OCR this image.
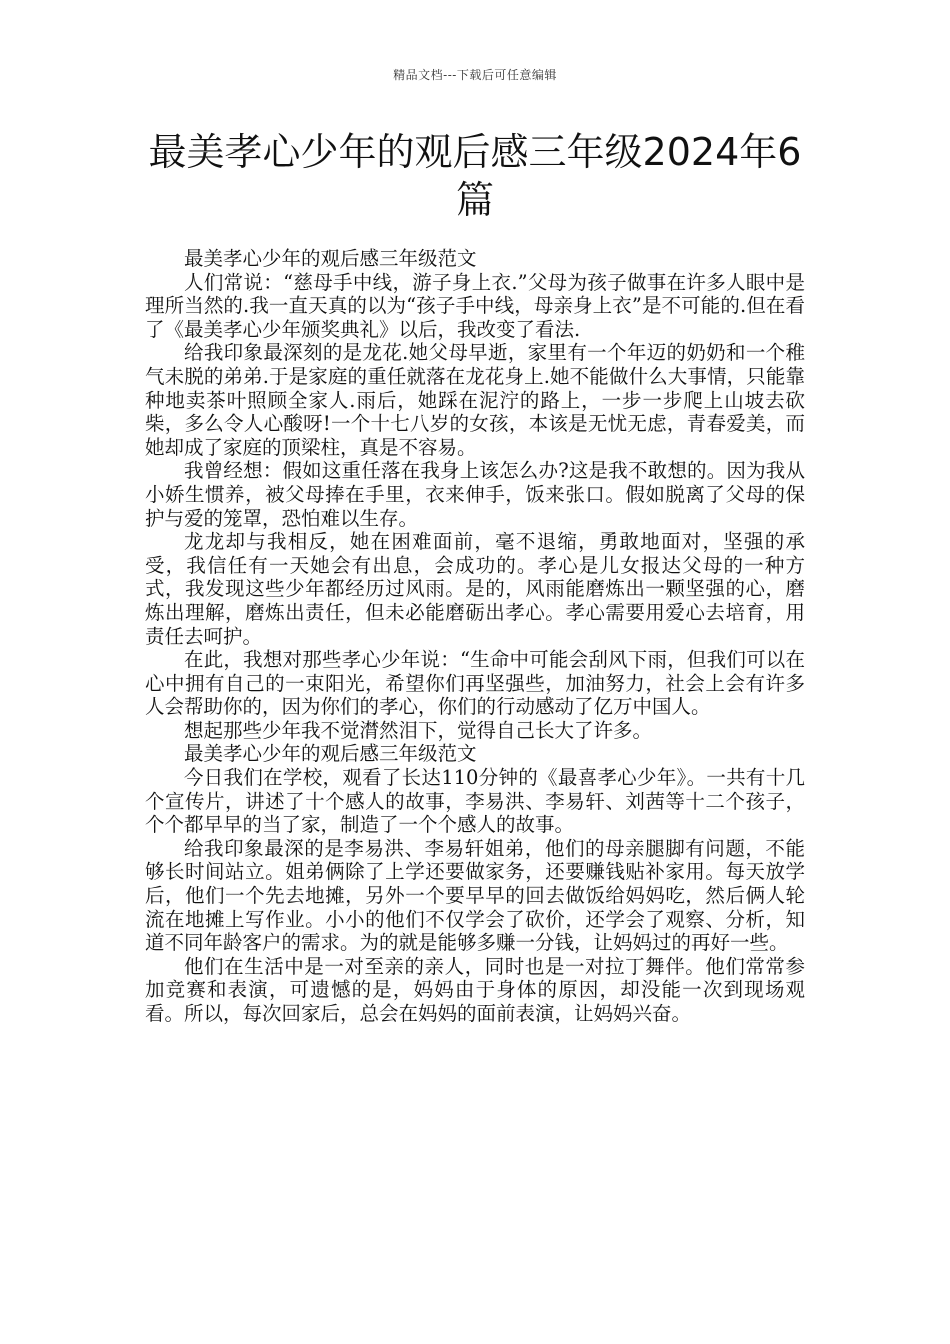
精品文档---下载后可任意编辑
最美孝心少年的观后感三年级2024年6篇

最美孝心少年的观后感三年级范文

人们常说：“慈母手中线，游子身上衣.”父母为孩子做事在许多人眼中是理所当然的.我一直天真的以为“孩子手中线，母亲身上衣”是不可能的.但在看了《最美孝心少年颁奖典礼》以后，我改变了看法.

给我印象最深刻的是龙花.她父母早逝，家里有一个年迈的奶奶和一个稚气未脱的弟弟.于是家庭的重任就落在龙花身上.她不能做什么大事情，只能靠种地卖茶叶照顾全家人.雨后，她踩在泥泞的路上，一步一步爬上山坡去砍柴，多么令人心酸呀!一个十七八岁的女孩，本该是无忧无虑，青春爱美，而她却成了家庭的顶梁柱，真是不容易。

我曾经想：假如这重任落在我身上该怎么办?这是我不敢想的。因为我从小娇生惯养，被父母捧在手里，衣来伸手，饭来张口。假如脱离了父母的保护与爱的笼罩，恐怕难以生存。

龙龙却与我相反，她在困难面前，毫不退缩，勇敢地面对，坚强的承受，我信任有一天她会有出息，会成功的。孝心是儿女报达父母的一种方式，我发现这些少年都经历过风雨。是的，风雨能磨炼出一颗坚强的心，磨炼出理解，磨炼出责任，但未必能磨砺出孝心。孝心需要用爱心去培育，用责任去呵护。

在此，我想对那些孝心少年说：“生命中可能会刮风下雨，但我们可以在心中拥有自己的一束阳光，希望你们再坚强些，加油努力，社会上会有许多人会帮助你的，因为你们的孝心，你们的行动感动了亿万中国人。

想起那些少年我不觉潸然泪下，觉得自己长大了许多。

最美孝心少年的观后感三年级范文

今日我们在学校，观看了长达110分钟的《最喜孝心少年》。一共有十几个宣传片，讲述了十个感人的故事，李易洪、李易轩、刘茜等十二个孩子，个个都早早的当了家，制造了一个个感人的故事。

给我印象最深的是李易洪、李易轩姐弟，他们的母亲腿脚有问题，不能够长时间站立。姐弟俩除了上学还要做家务，还要赚钱贴补家用。每天放学后，他们一个先去地摊，另外一个要早早的回去做饭给妈妈吃，然后俩人轮流在地摊上写作业。小小的他们不仅学会了砍价，还学会了观察、分析，知道不同年龄客户的需求。为的就是能够多赚一分钱，让妈妈过的再好一些。

他们在生活中是一对至亲的亲人，同时也是一对拉丁舞伴。他们常常参加竞赛和表演，可遗憾的是，妈妈由于身体的原因，却没能一次到现场观看。所以，每次回家后，总会在妈妈的面前表演，让妈妈兴奋。
